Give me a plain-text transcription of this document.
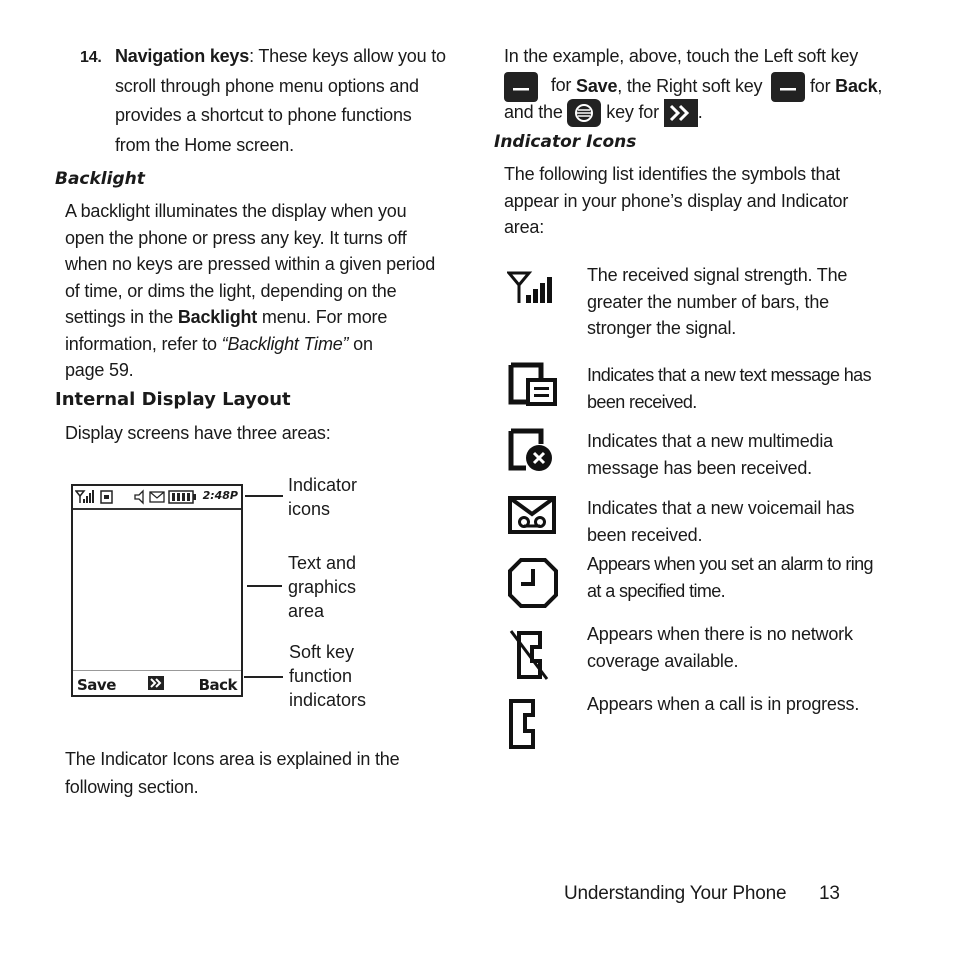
14. Navigation keys: These keys allow you to
scroll through phone menu options and
provides a shortcut to phone functions
from the Home screen.
Backlight
A backlight illuminates the display when you
open the phone or press any key. It turns off
when no keys are pressed within a given period
of time, or dims the light, depending on the
settings in the Backlight menu. For more
information, refer to “Backlight Time” on
page 59.
Internal Display Layout
Display screens have three areas:
2:48P
Save	Back
Indicator
icons
Text and
graphics
area
Soft key
function
indicators
The Indicator Icons area is explained in the
following section.
In the example, above, touch the Left soft key
for Save, the Right soft key  for Back,
and the  key for .
Indicator Icons
The following list identifies the symbols that
appear in your phone’s display and Indicator
area:
The received signal strength. The
greater the number of bars, the
stronger the signal.
Indicates that a new text message has
been received.
Indicates that a new multimedia
message has been received.
Indicates that a new voicemail has
been received.
Appears when you set an alarm to ring
at a specified time.
Appears when there is no network
coverage available.
Appears when a call is in progress.
Understanding Your Phone 13
